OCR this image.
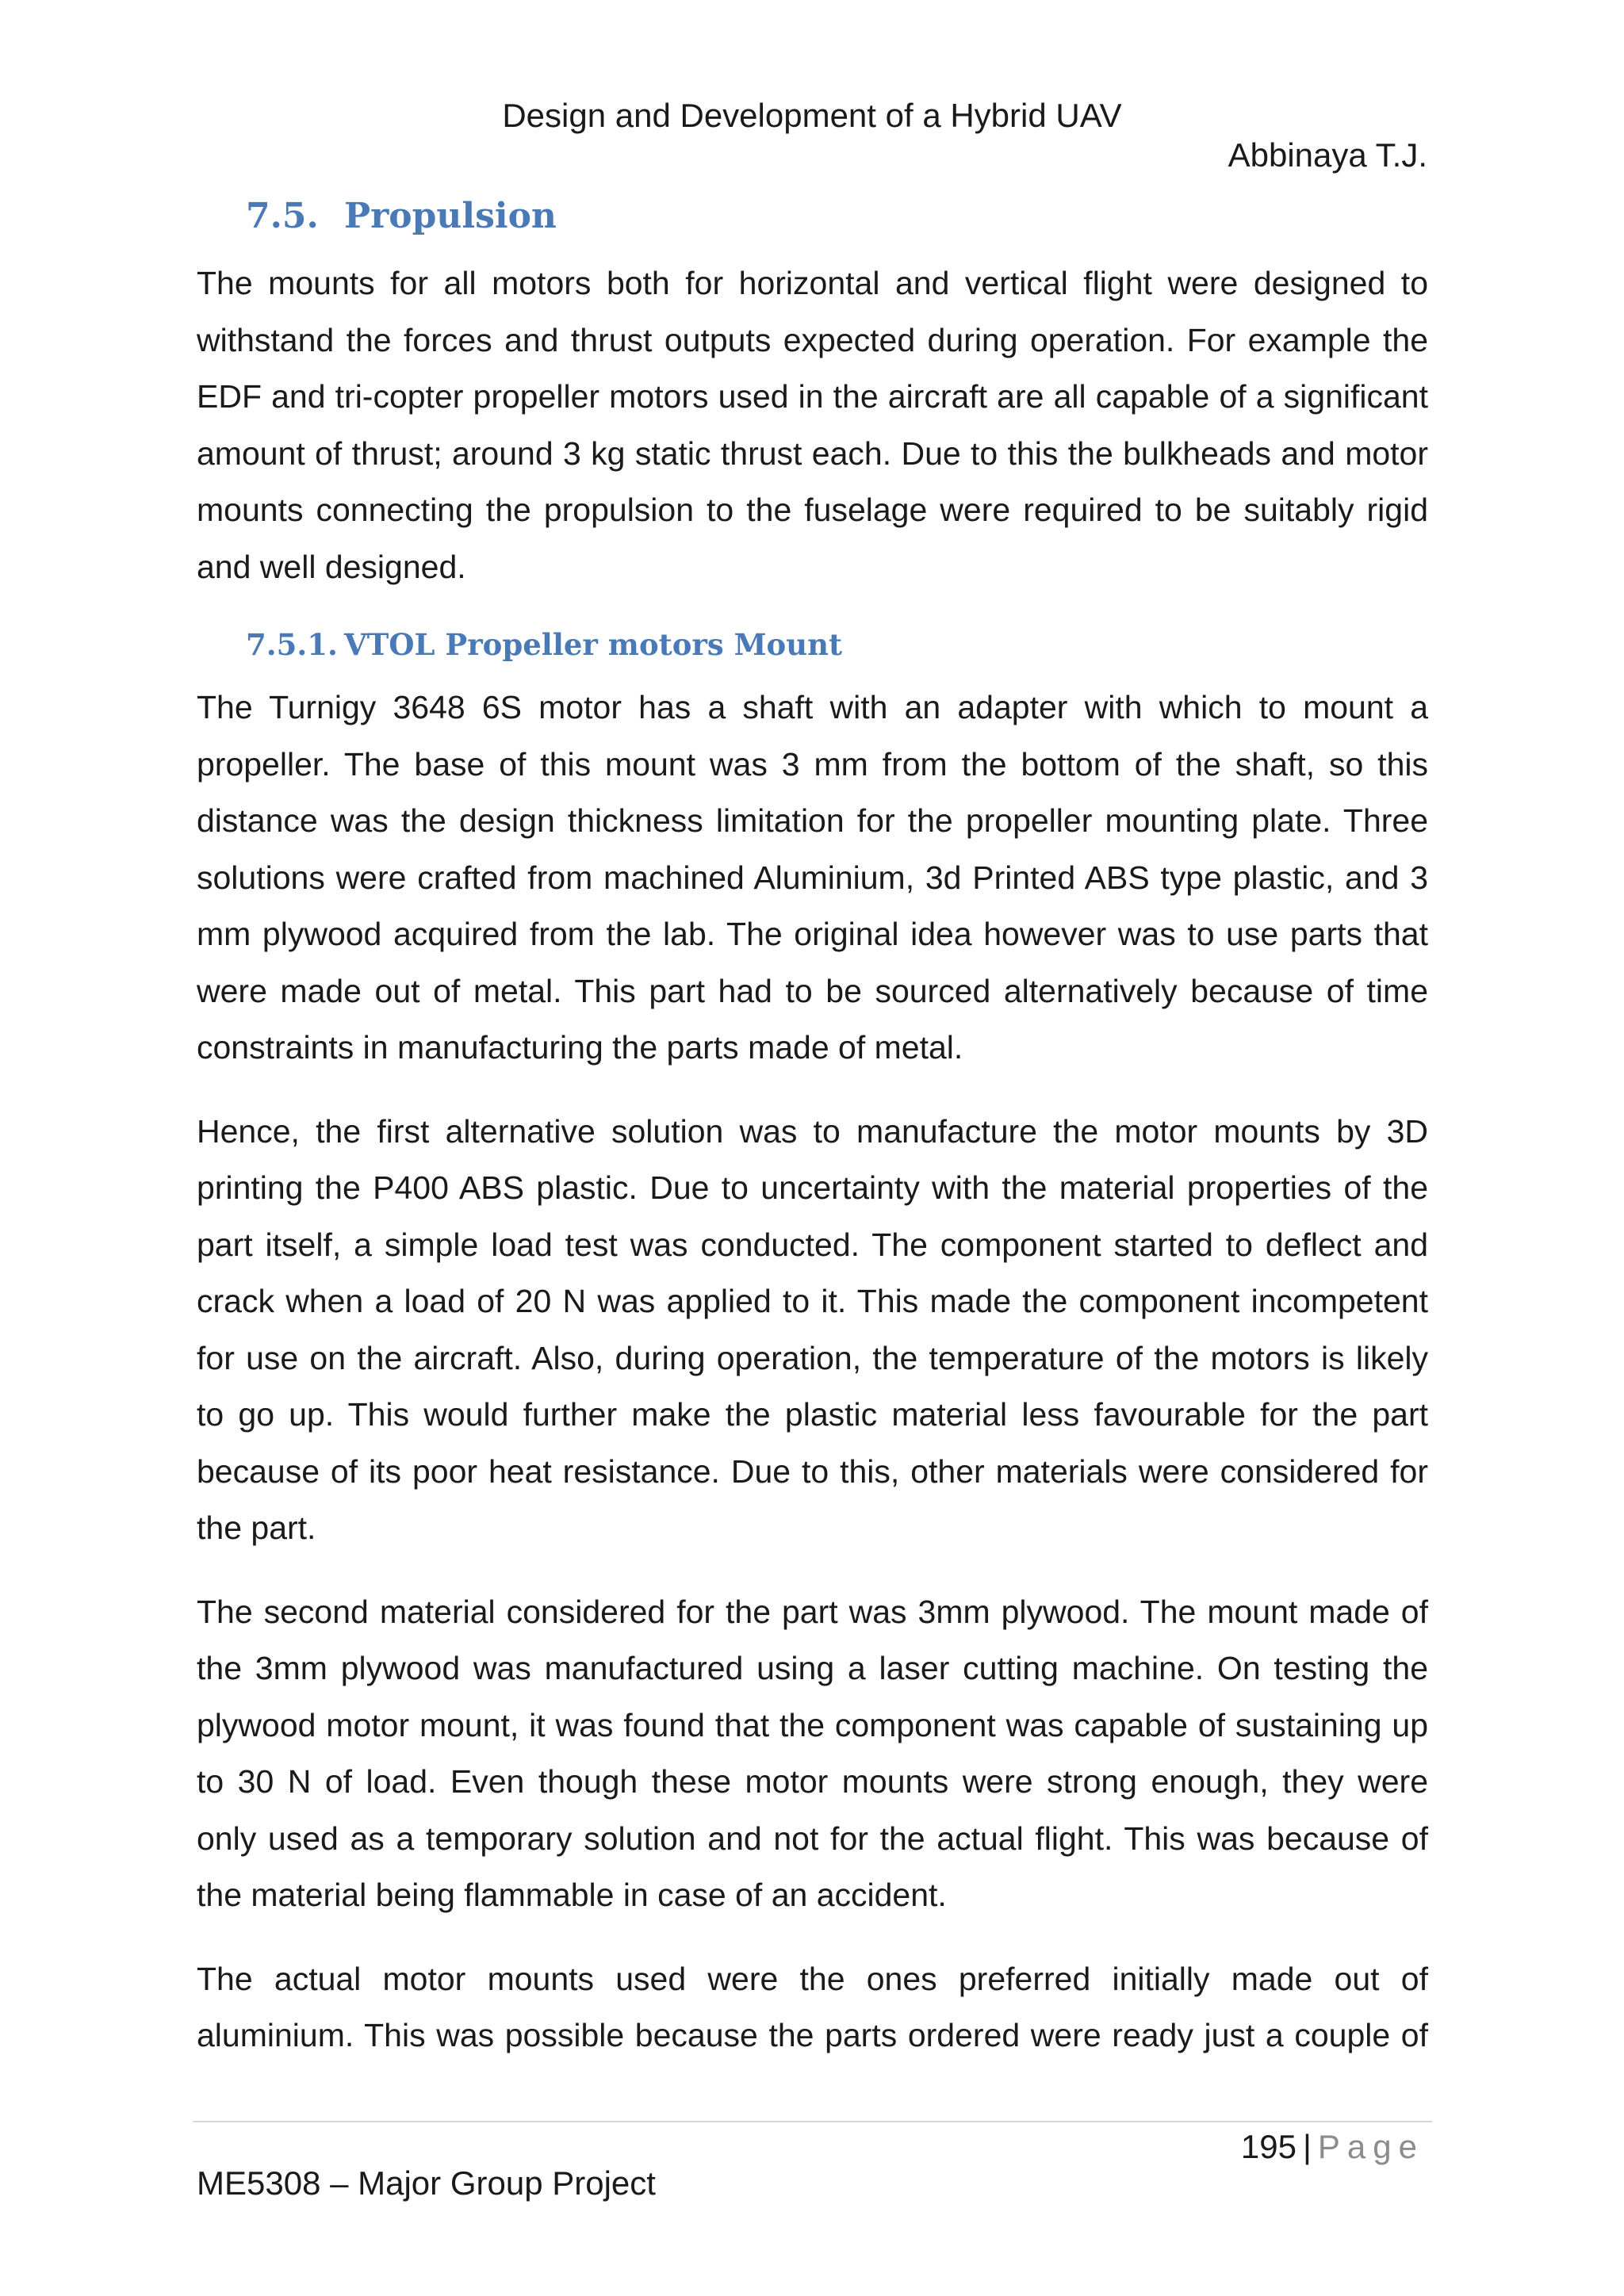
Design and Development of a Hybrid UAV
Abbinaya T.J.
7.5. Propulsion

The mounts for all motors both for horizontal and vertical flight were designed to withstand the forces and thrust outputs expected during operation. For example the EDF and tri-copter propeller motors used in the aircraft are all capable of a significant amount of thrust; around 3 kg static thrust each. Due to this the bulkheads and motor mounts connecting the propulsion to the fuselage were required to be suitably rigid and well designed.

7.5.1. VTOL Propeller motors Mount

The Turnigy 3648 6S motor has a shaft with an adapter with which to mount a propeller. The base of this mount was 3 mm from the bottom of the shaft, so this distance was the design thickness limitation for the propeller mounting plate. Three solutions were crafted from machined Aluminium, 3d Printed ABS type plastic, and 3 mm plywood acquired from the lab. The original idea however was to use parts that were made out of metal. This part had to be sourced alternatively because of time constraints in manufacturing the parts made of metal.

Hence, the first alternative solution was to manufacture the motor mounts by 3D printing the P400 ABS plastic. Due to uncertainty with the material properties of the part itself, a simple load test was conducted. The component started to deflect and crack when a load of 20 N was applied to it. This made the component incompetent for use on the aircraft. Also, during operation, the temperature of the motors is likely to go up. This would further make the plastic material less favourable for the part because of its poor heat resistance. Due to this, other materials were considered for the part.

The second material considered for the part was 3mm plywood. The mount made of the 3mm plywood was manufactured using a laser cutting machine. On testing the plywood motor mount, it was found that the component was capable of sustaining up to 30 N of load. Even though these motor mounts were strong enough, they were only used as a temporary solution and not for the actual flight. This was because of the material being flammable in case of an accident.

The actual motor mounts used were the ones preferred initially made out of aluminium. This was possible because the parts ordered were ready just a couple of

195 | Page
ME5308 – Major Group Project
